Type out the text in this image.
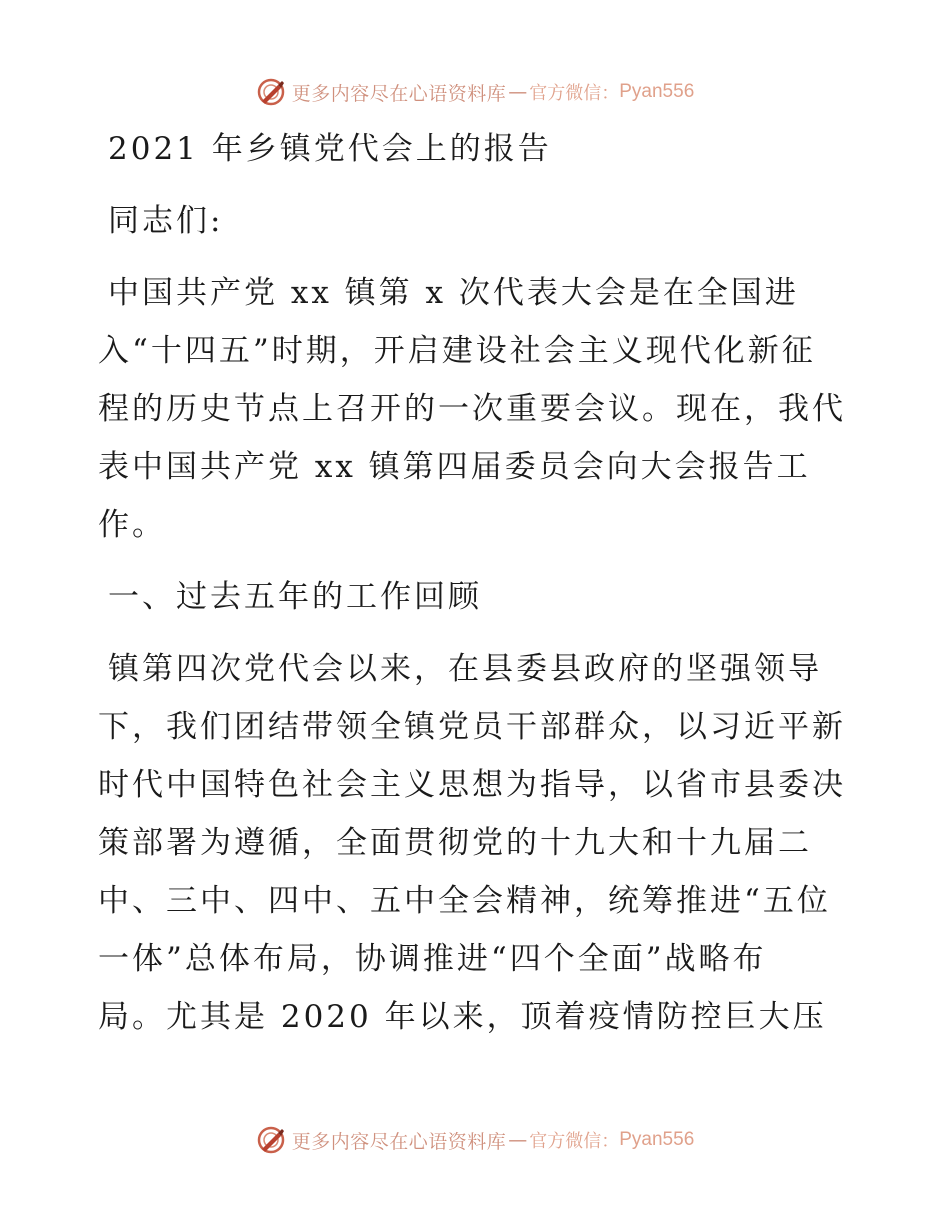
更多内容尽在心语资料库 — 官方微信： Pyan556
2021 年乡镇党代会上的报告
同志们:
中国共产党 xx 镇第 x 次代表大会是在全国进
入“十四五”时期，开启建设社会主义现代化新征
程的历史节点上召开的一次重要会议。现在，我代
表中国共产党 xx 镇第四届委员会向大会报告工
作。
一、过去五年的工作回顾
镇第四次党代会以来，在县委县政府的坚强领导
下，我们团结带领全镇党员干部群众，以习近平新
时代中国特色社会主义思想为指导，以省市县委决
策部署为遵循，全面贯彻党的十九大和十九届二
中、三中、四中、五中全会精神，统筹推进“五位
一体”总体布局，协调推进“四个全面”战略布
局。尤其是 2020 年以来，顶着疫情防控巨大压
更多内容尽在心语资料库 — 官方微信： Pyan556
